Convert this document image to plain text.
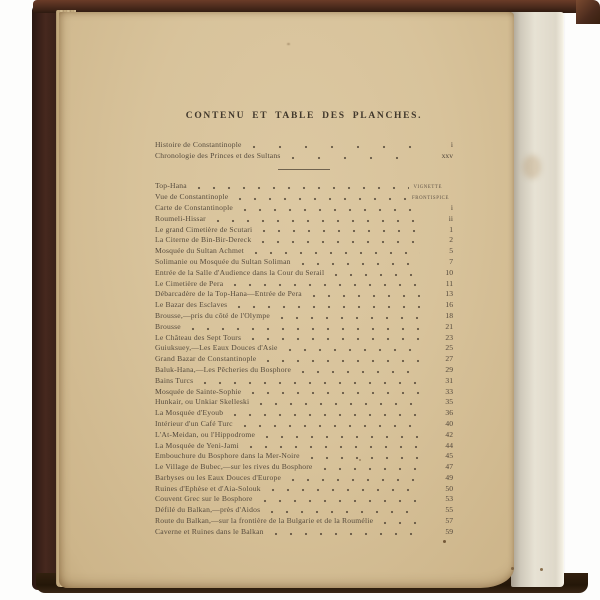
CONTENU ET TABLE DES PLANCHES.
Histoire de Constantinople	i
Chronologie des Princes et des Sultans	xxv
Top-Hana	VIGNETTE
Vue de Constantinople	FRONTISPICE
Carte de Constantinople	i
Roumeli-Hissar	ii
Le grand Cimetière de Scutari	1
La Citerne de Bin-Bir-Dereck	2
Mosquée du Sultan Achmet	5
Solimanie ou Mosquée du Sultan Soliman	7
Entrée de la Salle d'Audience dans la Cour du Serail	10
Le Cimetière de Pera	11
Débarcadère de la Top-Hana—Entrée de Pera	13
Le Bazar des Esclaves	16
Brousse,—pris du côté de l'Olympe	18
Brousse	21
Le Château des Sept Tours	23
Guiuksuey,—Les Eaux Douces d'Asie	25
Grand Bazar de Constantinople	27
Baluk-Hana,—Les Pêcheries du Bosphore	29
Bains Turcs	31
Mosquée de Sainte-Sophie	33
Hunkair, ou Unkiar Skelleski	35
La Mosquée d'Eyoub	36
Intérieur d'un Café Turc	40
L'At-Meidan, ou l'Hippodrome	42
La Mosquée de Yeni-Jami	44
Embouchure du Bosphore dans la Mer-Noire	45
Le Village de Bubec,—sur les rives du Bosphore	47
Barbyses ou les Eaux Douces d'Europe	49
Ruines d'Ephèse et d'Aia-Solouk	50
Couvent Grec sur le Bosphore	53
Défilé du Balkan,—près d'Aidos	55
Route du Balkan,—sur la frontière de la Bulgarie et de la Roumélie	57
Caverne et Ruines dans le Balkan	59
